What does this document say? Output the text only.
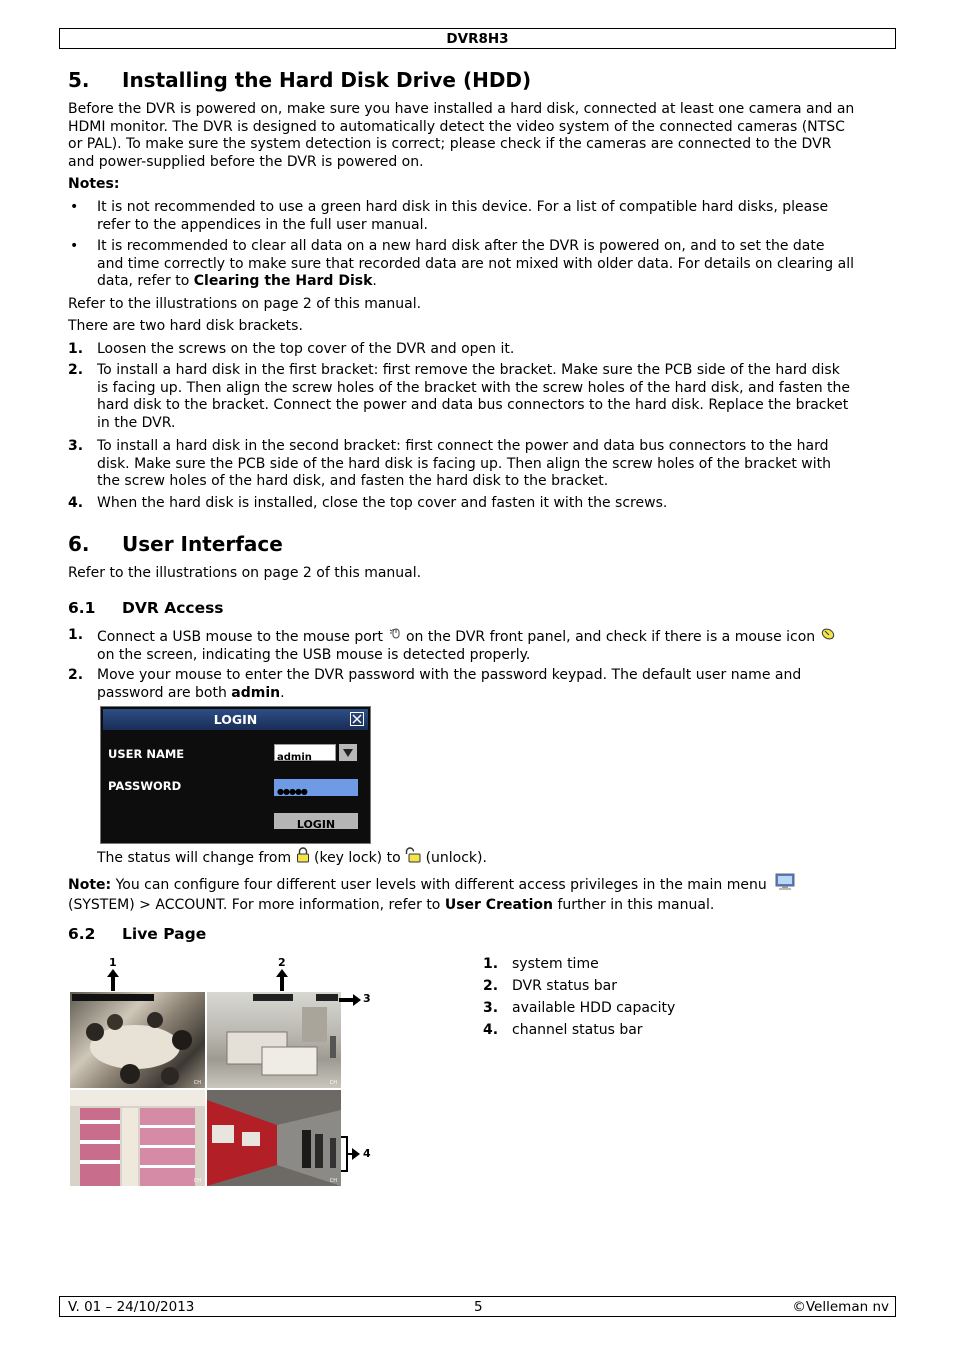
DVR8H3
5. Installing the Hard Disk Drive (HDD)
Before the DVR is powered on, make sure you have installed a hard disk, connected at least one camera and an
HDMI monitor. The DVR is designed to automatically detect the video system of the connected cameras (NTSC
or PAL). To make sure the system detection is correct; please check if the cameras are connected to the DVR
and power-supplied before the DVR is powered on.
Notes:
• It is not recommended to use a green hard disk in this device. For a list of compatible hard disks, please
refer to the appendices in the full user manual.
• It is recommended to clear all data on a new hard disk after the DVR is powered on, and to set the date
and time correctly to make sure that recorded data are not mixed with older data. For details on clearing all
data, refer to Clearing the Hard Disk.
Refer to the illustrations on page 2 of this manual.
There are two hard disk brackets.
1. Loosen the screws on the top cover of the DVR and open it.
2. To install a hard disk in the first bracket: first remove the bracket. Make sure the PCB side of the hard disk
is facing up. Then align the screw holes of the bracket with the screw holes of the hard disk, and fasten the
hard disk to the bracket. Connect the power and data bus connectors to the hard disk. Replace the bracket
in the DVR.
3. To install a hard disk in the second bracket: first connect the power and data bus connectors to the hard
disk. Make sure the PCB side of the hard disk is facing up. Then align the screw holes of the bracket with
the screw holes of the hard disk, and fasten the hard disk to the bracket.
4. When the hard disk is installed, close the top cover and fasten it with the screws.
6. User Interface
Refer to the illustrations on page 2 of this manual.
6.1 DVR Access
1. Connect a USB mouse to the mouse port on the DVR front panel, and check if there is a mouse icon
on the screen, indicating the USB mouse is detected properly.
2. Move your mouse to enter the DVR password with the password keypad. The default user name and
password are both admin.
LOGIN
USER NAME	admin
PASSWORD	●●●●●
LOGIN
The status will change from (key lock) to (unlock).
Note: You can configure four different user levels with different access privileges in the main menu
(SYSTEM) > ACCOUNT. For more information, refer to User Creation further in this manual.
6.2 Live Page
1	2
CH	CH
CH	CH
3
4
1. system time
2. DVR status bar
3. available HDD capacity
4. channel status bar
V. 01 – 24/10/2013	5	©Velleman nv
